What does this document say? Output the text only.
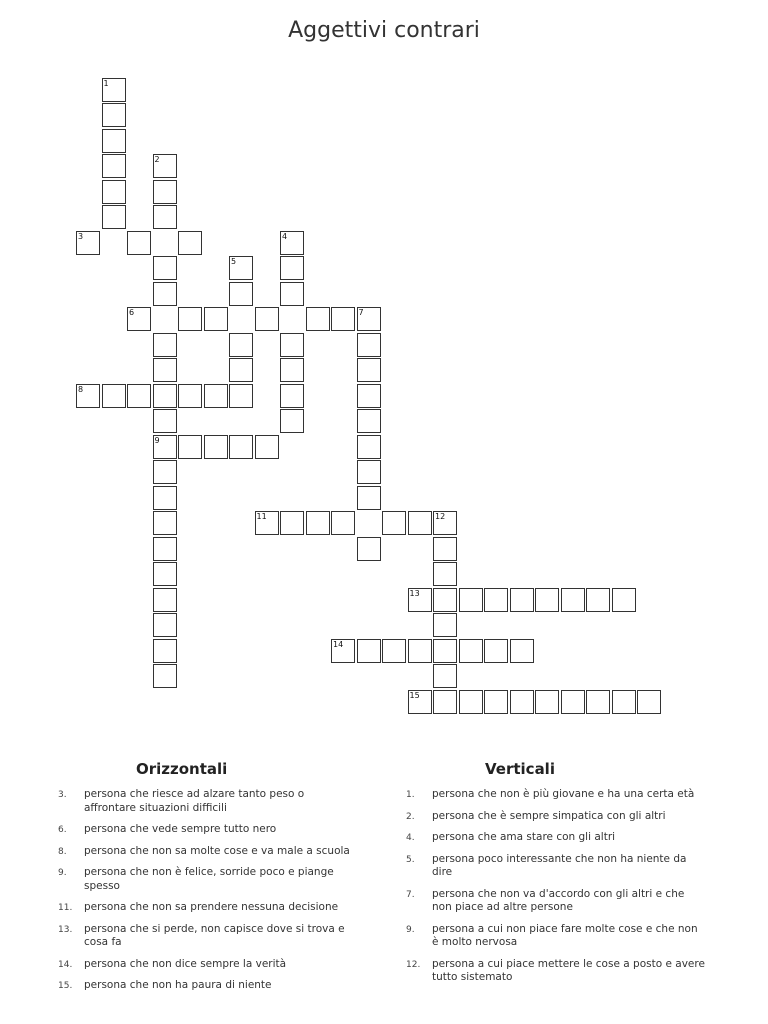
Aggettivi contrari
1
2
9
3	4
5
6	7
8
11	12
13
14
15
Orizzontali	Verticali
3.	persona che riesce ad alzare tanto peso o affrontare situazioni difficili
6.	persona che vede sempre tutto nero
8.	persona che non sa molte cose e va male a scuola
9.	persona che non è felice, sorride poco e piange spesso
11.	persona che non sa prendere nessuna decisione
13.	persona che si perde, non capisce dove si trova e cosa fa
14.	persona che non dice sempre la verità
15.	persona che non ha paura di niente
1.	persona che non è più giovane e ha una certa età
2.	persona che è sempre simpatica con gli altri
4.	persona che ama stare con gli altri
5.	persona poco interessante che non ha niente da dire
7.	persona che non va d'accordo con gli altri e che non piace ad altre persone
9.	persona a cui non piace fare molte cose e che non è molto nervosa
12.	persona a cui piace mettere le cose a posto e avere tutto sistemato
